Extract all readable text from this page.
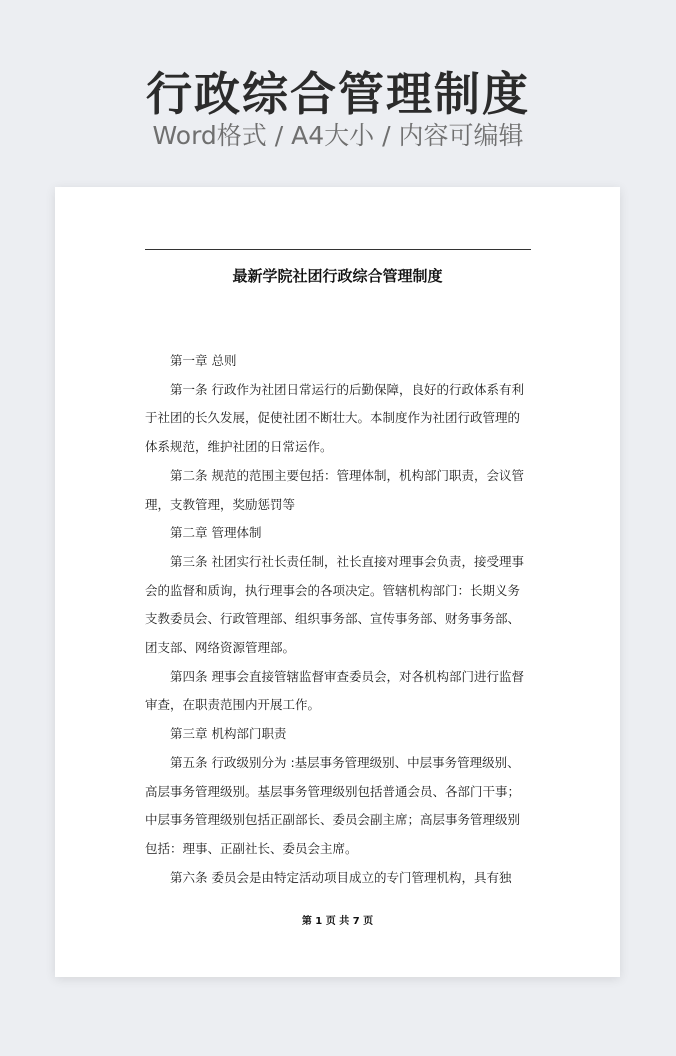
行政综合管理制度
Word格式 / A4大小 / 内容可编辑
最新学院社团行政综合管理制度

第一章 总则

第一条 行政作为社团日常运行的后勤保障，良好的行政体系有利于社团的长久发展，促使社团不断壮大。本制度作为社团行政管理的体系规范，维护社团的日常运作。

第二条 规范的范围主要包括：管理体制，机构部门职责，会议管理，支教管理，奖励惩罚等

第二章 管理体制

第三条 社团实行社长责任制，社长直接对理事会负责，接受理事会的监督和质询，执行理事会的各项决定。管辖机构部门：长期义务支教委员会、行政管理部、组织事务部、宣传事务部、财务事务部、团支部、网络资源管理部。

第四条 理事会直接管辖监督审查委员会，对各机构部门进行监督审查，在职责范围内开展工作。

第三章 机构部门职责

第五条 行政级别分为 :基层事务管理级别、中层事务管理级别、高层事务管理级别。基层事务管理级别包括普通会员、各部门干事；中层事务管理级别包括正副部长、委员会副主席；高层事务管理级别包括：理事、正副社长、委员会主席。

第六条 委员会是由特定活动项目成立的专门管理机构，具有独

第 1 页 共 7 页
